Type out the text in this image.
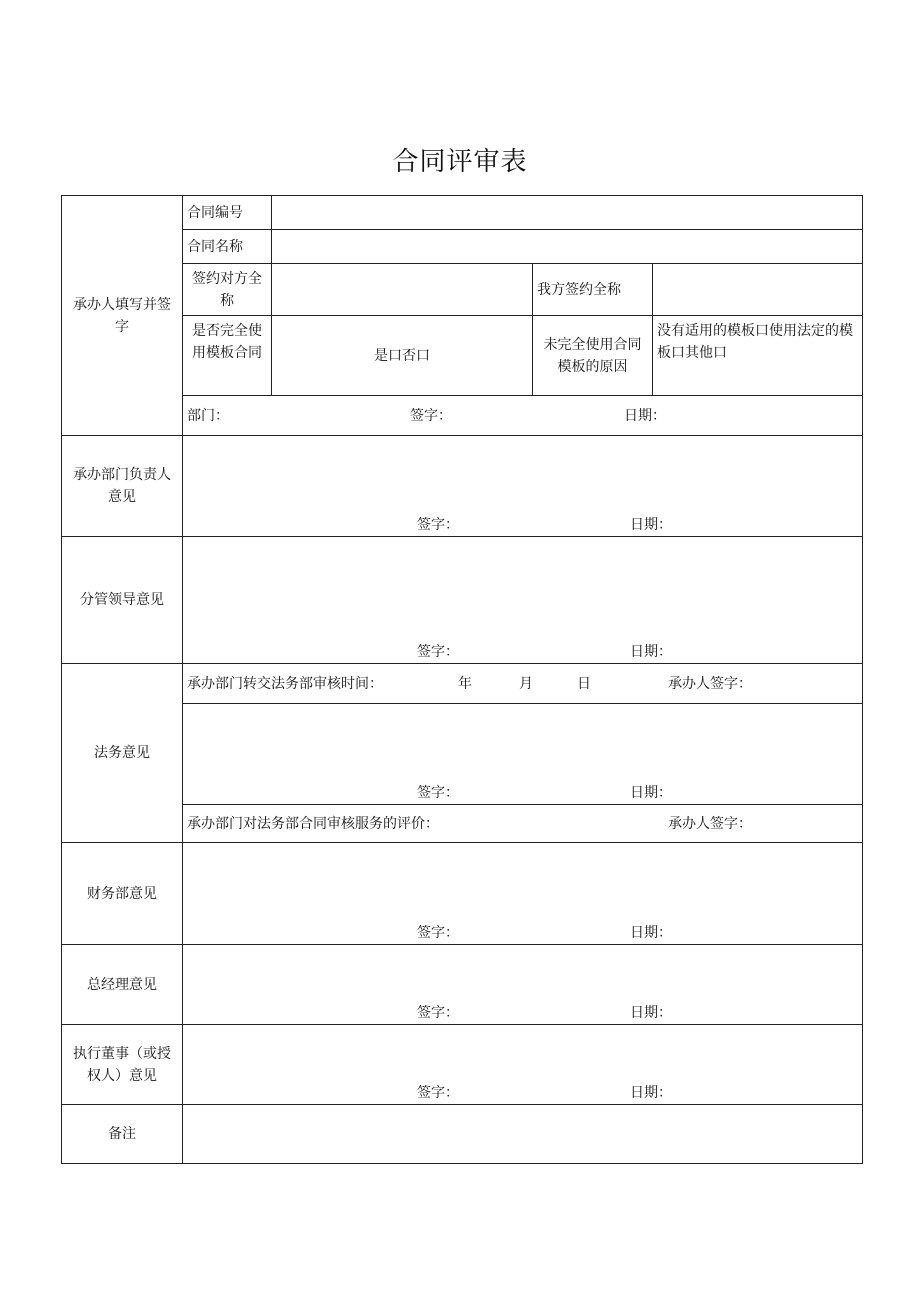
合同评审表
承办人填写并签字	合同编号			
	合同名称			
	签约对方全称		我方签约全称	
	是否完全使用模板合同	是口否口	未完全使用合同模板的原因	没有适用的模板口使用法定的模板口其他口

	部门： 签字： 日期：			

承办部门负责人意见	签字： 日期：			

分管领导意见	签字： 日期：			

法务意见	承办部门转交法务部审核时间： 年 月 日 承办人签字：			

	签字： 日期：			

	承办部门对法务部合同审核服务的评价： 承办人签字：			

财务部意见	签字： 日期：			

总经理意见	签字： 日期：			

执行董事（或授权人）意见	签字： 日期：			

备注				
